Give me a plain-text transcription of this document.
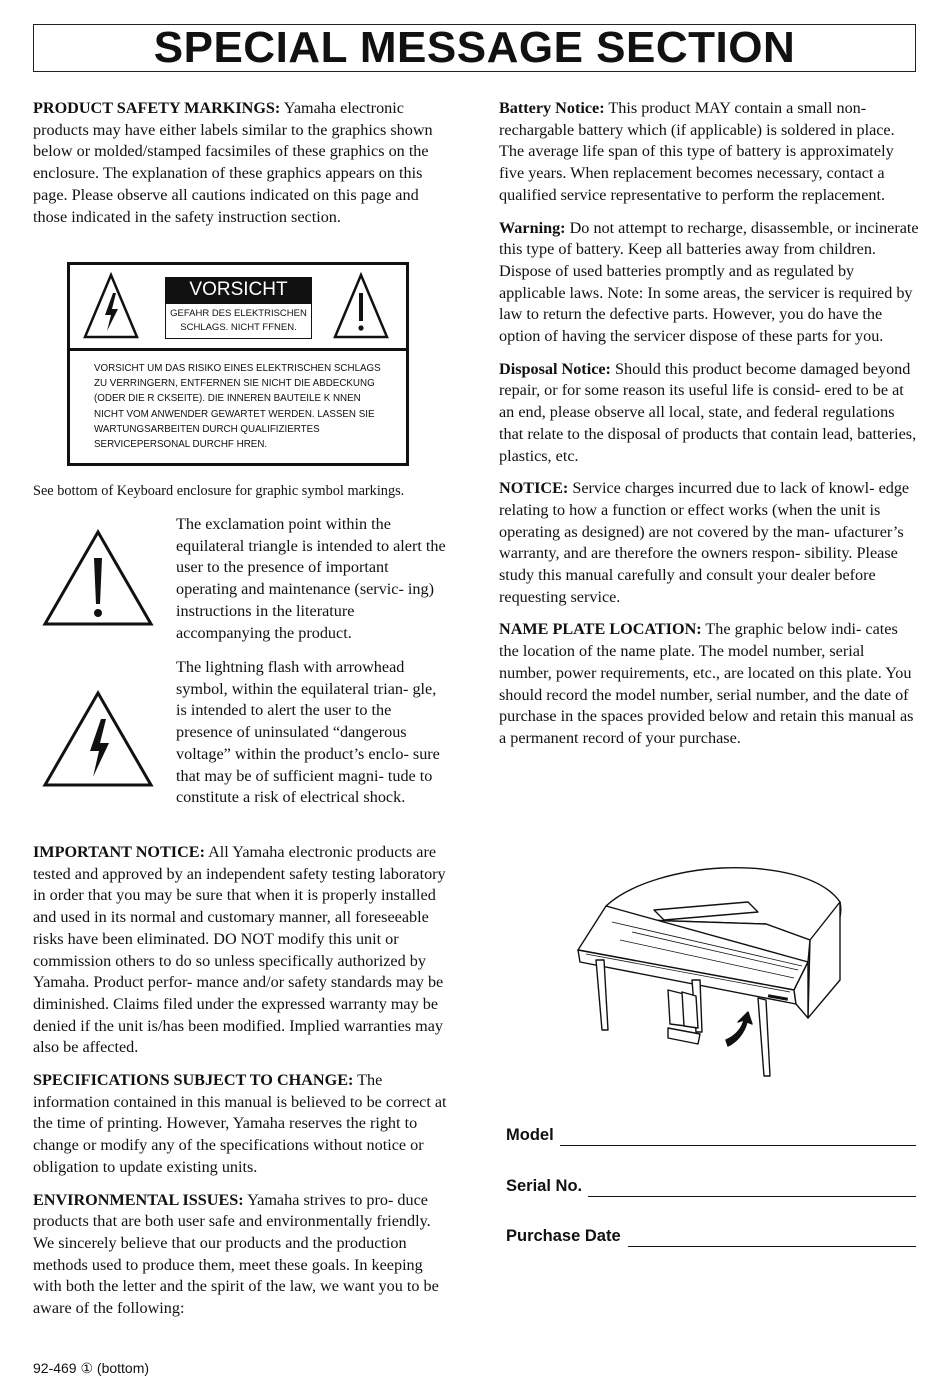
SPECIAL MESSAGE SECTION

PRODUCT SAFETY MARKINGS: Yamaha electronic products may have either labels similar to the graphics shown below or molded/stamped facsimiles of these graphics on the enclosure. The explanation of these graphics appears on this page. Please observe all cautions indicated on this page and those indicated in the safety instruction section.

VORSICHT
GEFAHR DES ELEKTRISCHEN
SCHLAGS. NICHT FFNEN.
VORSICHT UM DAS RISIKO EINES ELEKTRISCHEN SCHLAGS
ZU VERRINGERN, ENTFERNEN SIE NICHT DIE ABDECKUNG
(ODER DIE R CKSEITE). DIE INNEREN BAUTEILE K NNEN
NICHT VOM ANWENDER GEWARTET WERDEN. LASSEN SIE
WARTUNGSARBEITEN DURCH QUALIFIZIERTES
SERVICEPERSONAL DURCHF HREN.
See bottom of Keyboard enclosure for graphic symbol markings.
The exclamation point within the equilateral triangle is intended to alert the user to the presence of important operating and maintenance (servic- ing) instructions in the literature accompanying the product.
The lightning flash with arrowhead symbol, within the equilateral trian- gle, is intended to alert the user to the presence of uninsulated “dangerous voltage” within the product’s enclo- sure that may be of sufficient magni- tude to constitute a risk of electrical shock.

IMPORTANT NOTICE: All Yamaha electronic products are tested and approved by an independent safety testing laboratory in order that you may be sure that when it is properly installed and used in its normal and customary manner, all foreseeable risks have been eliminated. DO NOT modify this unit or commission others to do so unless specifically authorized by Yamaha. Product perfor- mance and/or safety standards may be diminished. Claims filed under the expressed warranty may be denied if the unit is/has been modified. Implied warranties may also be affected.

SPECIFICATIONS SUBJECT TO CHANGE: The information contained in this manual is believed to be correct at the time of printing. However, Yamaha reserves the right to change or modify any of the specifications without notice or obligation to update existing units.

ENVIRONMENTAL ISSUES: Yamaha strives to pro- duce products that are both user safe and environmentally friendly. We sincerely believe that our products and the production methods used to produce them, meet these goals. In keeping with both the letter and the spirit of the law, we want you to be aware of the following:

Battery Notice: This product MAY contain a small non- rechargable battery which (if applicable) is soldered in place. The average life span of this type of battery is approximately five years. When replacement becomes necessary, contact a qualified service representative to perform the replacement.

Warning: Do not attempt to recharge, disassemble, or incinerate this type of battery. Keep all batteries away from children. Dispose of used batteries promptly and as regulated by applicable laws. Note: In some areas, the servicer is required by law to return the defective parts. However, you do have the option of having the servicer dispose of these parts for you.

Disposal Notice: Should this product become damaged beyond repair, or for some reason its useful life is consid- ered to be at an end, please observe all local, state, and federal regulations that relate to the disposal of products that contain lead, batteries, plastics, etc.

NOTICE: Service charges incurred due to lack of knowl- edge relating to how a function or effect works (when the unit is operating as designed) are not covered by the man- ufacturer’s warranty, and are therefore the owners respon- sibility. Please study this manual carefully and consult your dealer before requesting service.

NAME PLATE LOCATION: The graphic below indi- cates the location of the name plate. The model number, serial number, power requirements, etc., are located on this plate. You should record the model number, serial number, and the date of purchase in the spaces provided below and retain this manual as a permanent record of your purchase.

Model
Serial No.
Purchase Date
92-469 ① (bottom)
